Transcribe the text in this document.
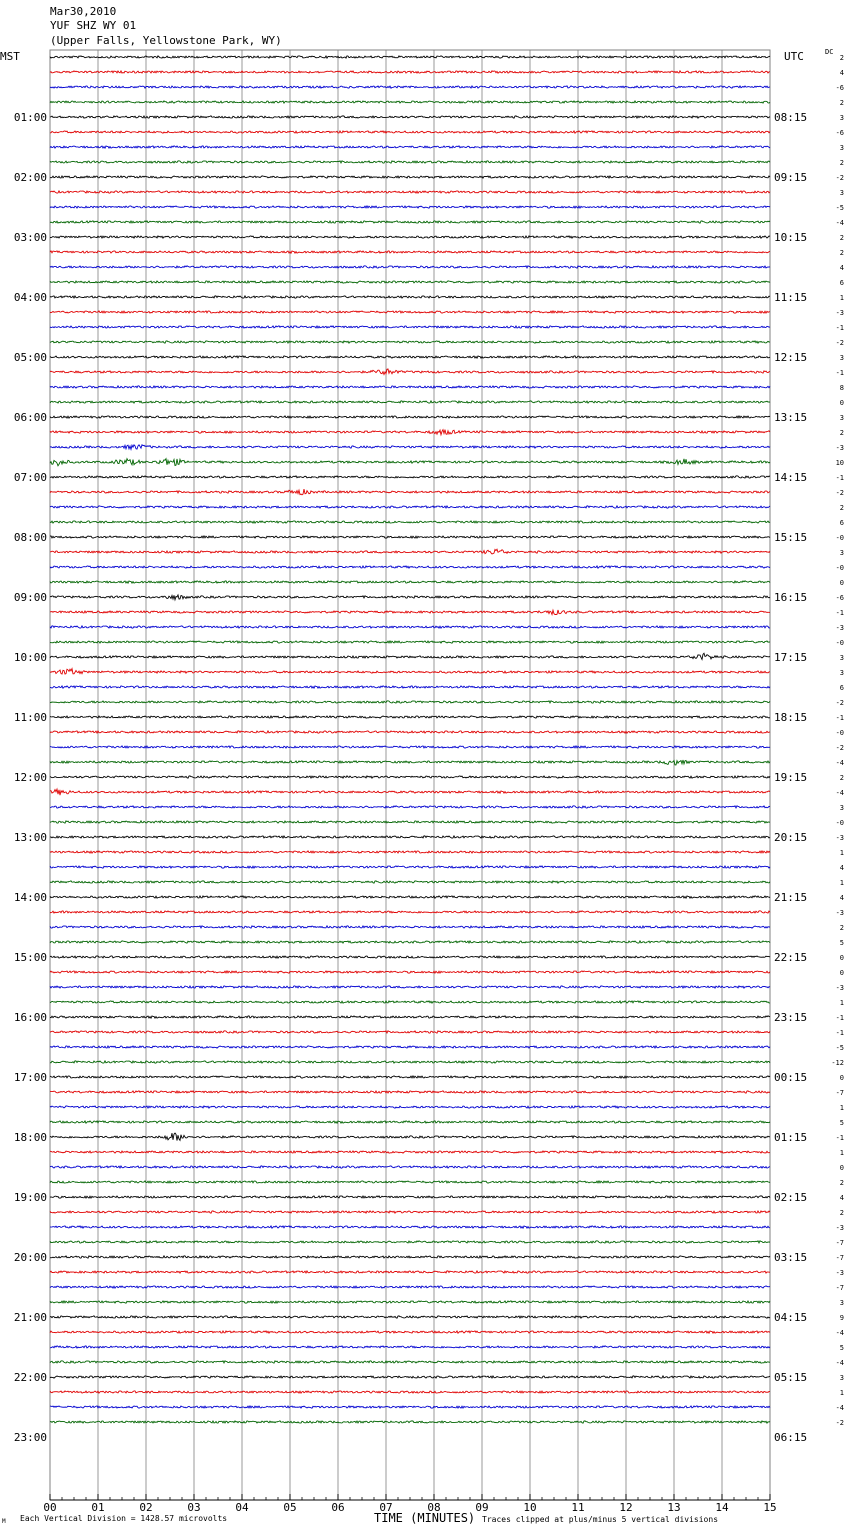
Mar30,2010
YUF SHZ WY 01
(Upper Falls, Yellowstone Park, WY)
MST	UTC	DC
01:00
02:00
03:00
04:00
05:00
06:00
07:00
08:00
09:00
10:00
11:00
12:00
13:00
14:00
15:00
16:00
17:00
18:00
19:00
20:00
21:00
22:00
23:00
08:15
09:15
10:15
11:15
12:15
13:15
14:15
15:15
16:15
17:15
18:15
19:15
20:15
21:15
22:15
23:15
00:15
01:15
02:15
03:15
04:15
05:15
06:15
2
4
-6
2
3
-6
3
2
-2
3
-5
-4
2
2
4
6
1
-3
-1
-2
3
-1
8
0
3
2
-3
10
-1
-2
2
6
-0
3
-0
0
-6
-1
-3
-0
3
3
6
-2
-1
-0
-2
-4
2
-4
3
-0
-3
1
4
1
4
-3
2
5
0
0
-3
1
-1
-1
-5
-12
0
-7
1
5
-1
1
0
2
4
2
-3
-7
-7
-3
-7
3
9
-4
5
-4
3
1
-4
-2
00	01	02	03	04	05	06	07	08	09	10	11	12	13	14	15
M Each Vertical Division = 1428.57 microvolts	TIME (MINUTES) Traces clipped at plus/minus 5 vertical divisions
